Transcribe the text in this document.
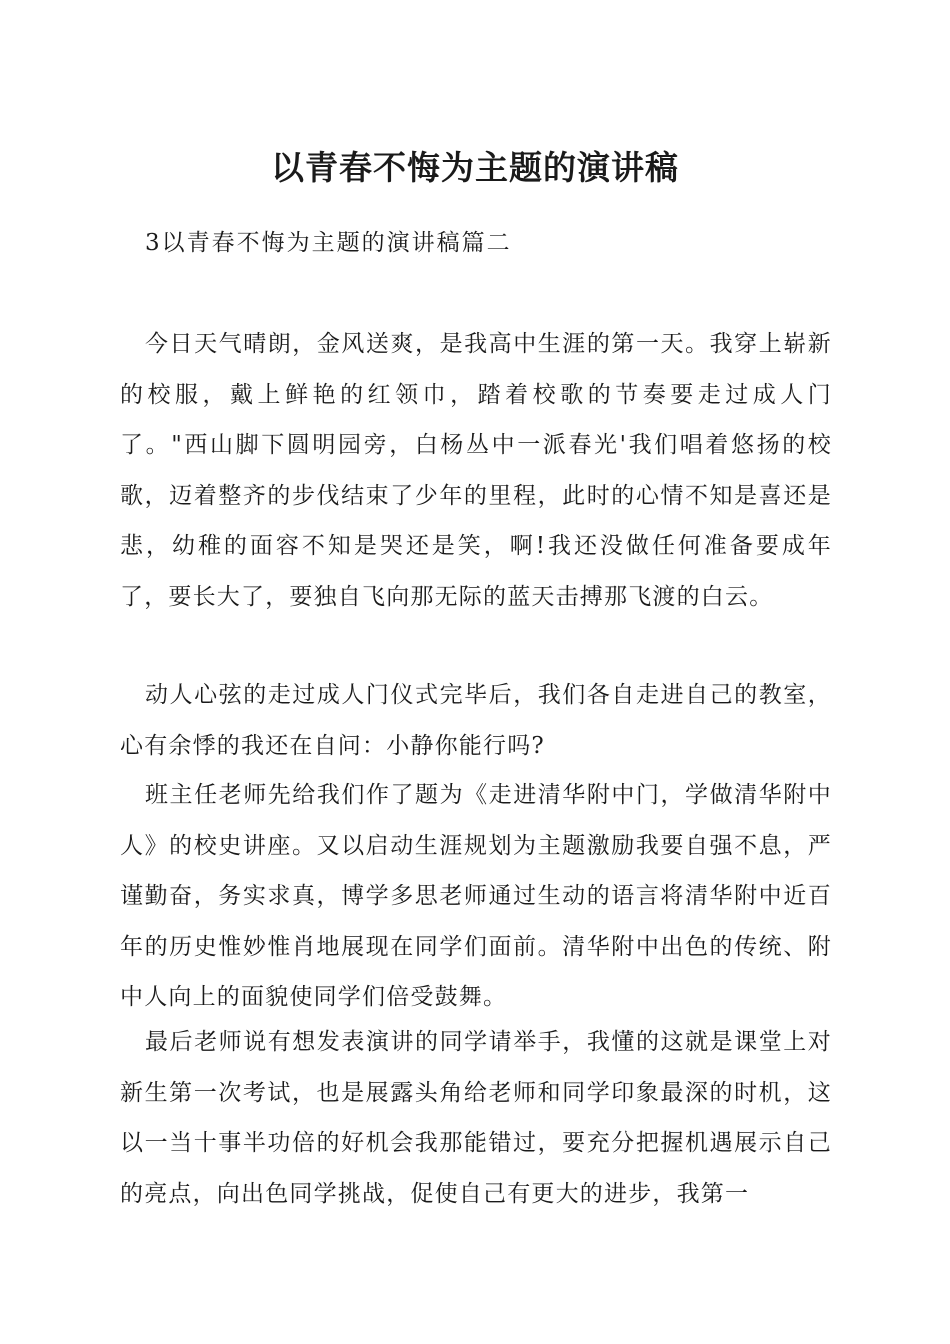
以青春不悔为主题的演讲稿
3以青春不悔为主题的演讲稿篇二

今日天气晴朗，金风送爽，是我高中生涯的第一天。我穿上崭新的校服，戴上鲜艳的红领巾，踏着校歌的节奏要走过成人门了。"西山脚下圆明园旁，白杨丛中一派春光'我们唱着悠扬的校歌，迈着整齐的步伐结束了少年的里程，此时的心情不知是喜还是悲，幼稚的面容不知是哭还是笑，啊!我还没做任何准备要成年了，要长大了，要独自飞向那无际的蓝天击搏那飞渡的白云。

动人心弦的走过成人门仪式完毕后，我们各自走进自己的教室，心有余悸的我还在自问：小静你能行吗?

班主任老师先给我们作了题为《走进清华附中门，学做清华附中人》的校史讲座。又以启动生涯规划为主题激励我要自强不息，严谨勤奋，务实求真，博学多思老师通过生动的语言将清华附中近百年的历史惟妙惟肖地展现在同学们面前。清华附中出色的传统、附中人向上的面貌使同学们倍受鼓舞。

最后老师说有想发表演讲的同学请举手，我懂的这就是课堂上对新生第一次考试，也是展露头角给老师和同学印象最深的时机，这以一当十事半功倍的好机会我那能错过，要充分把握机遇展示自己的亮点，向出色同学挑战，促使自己有更大的进步，我第一
